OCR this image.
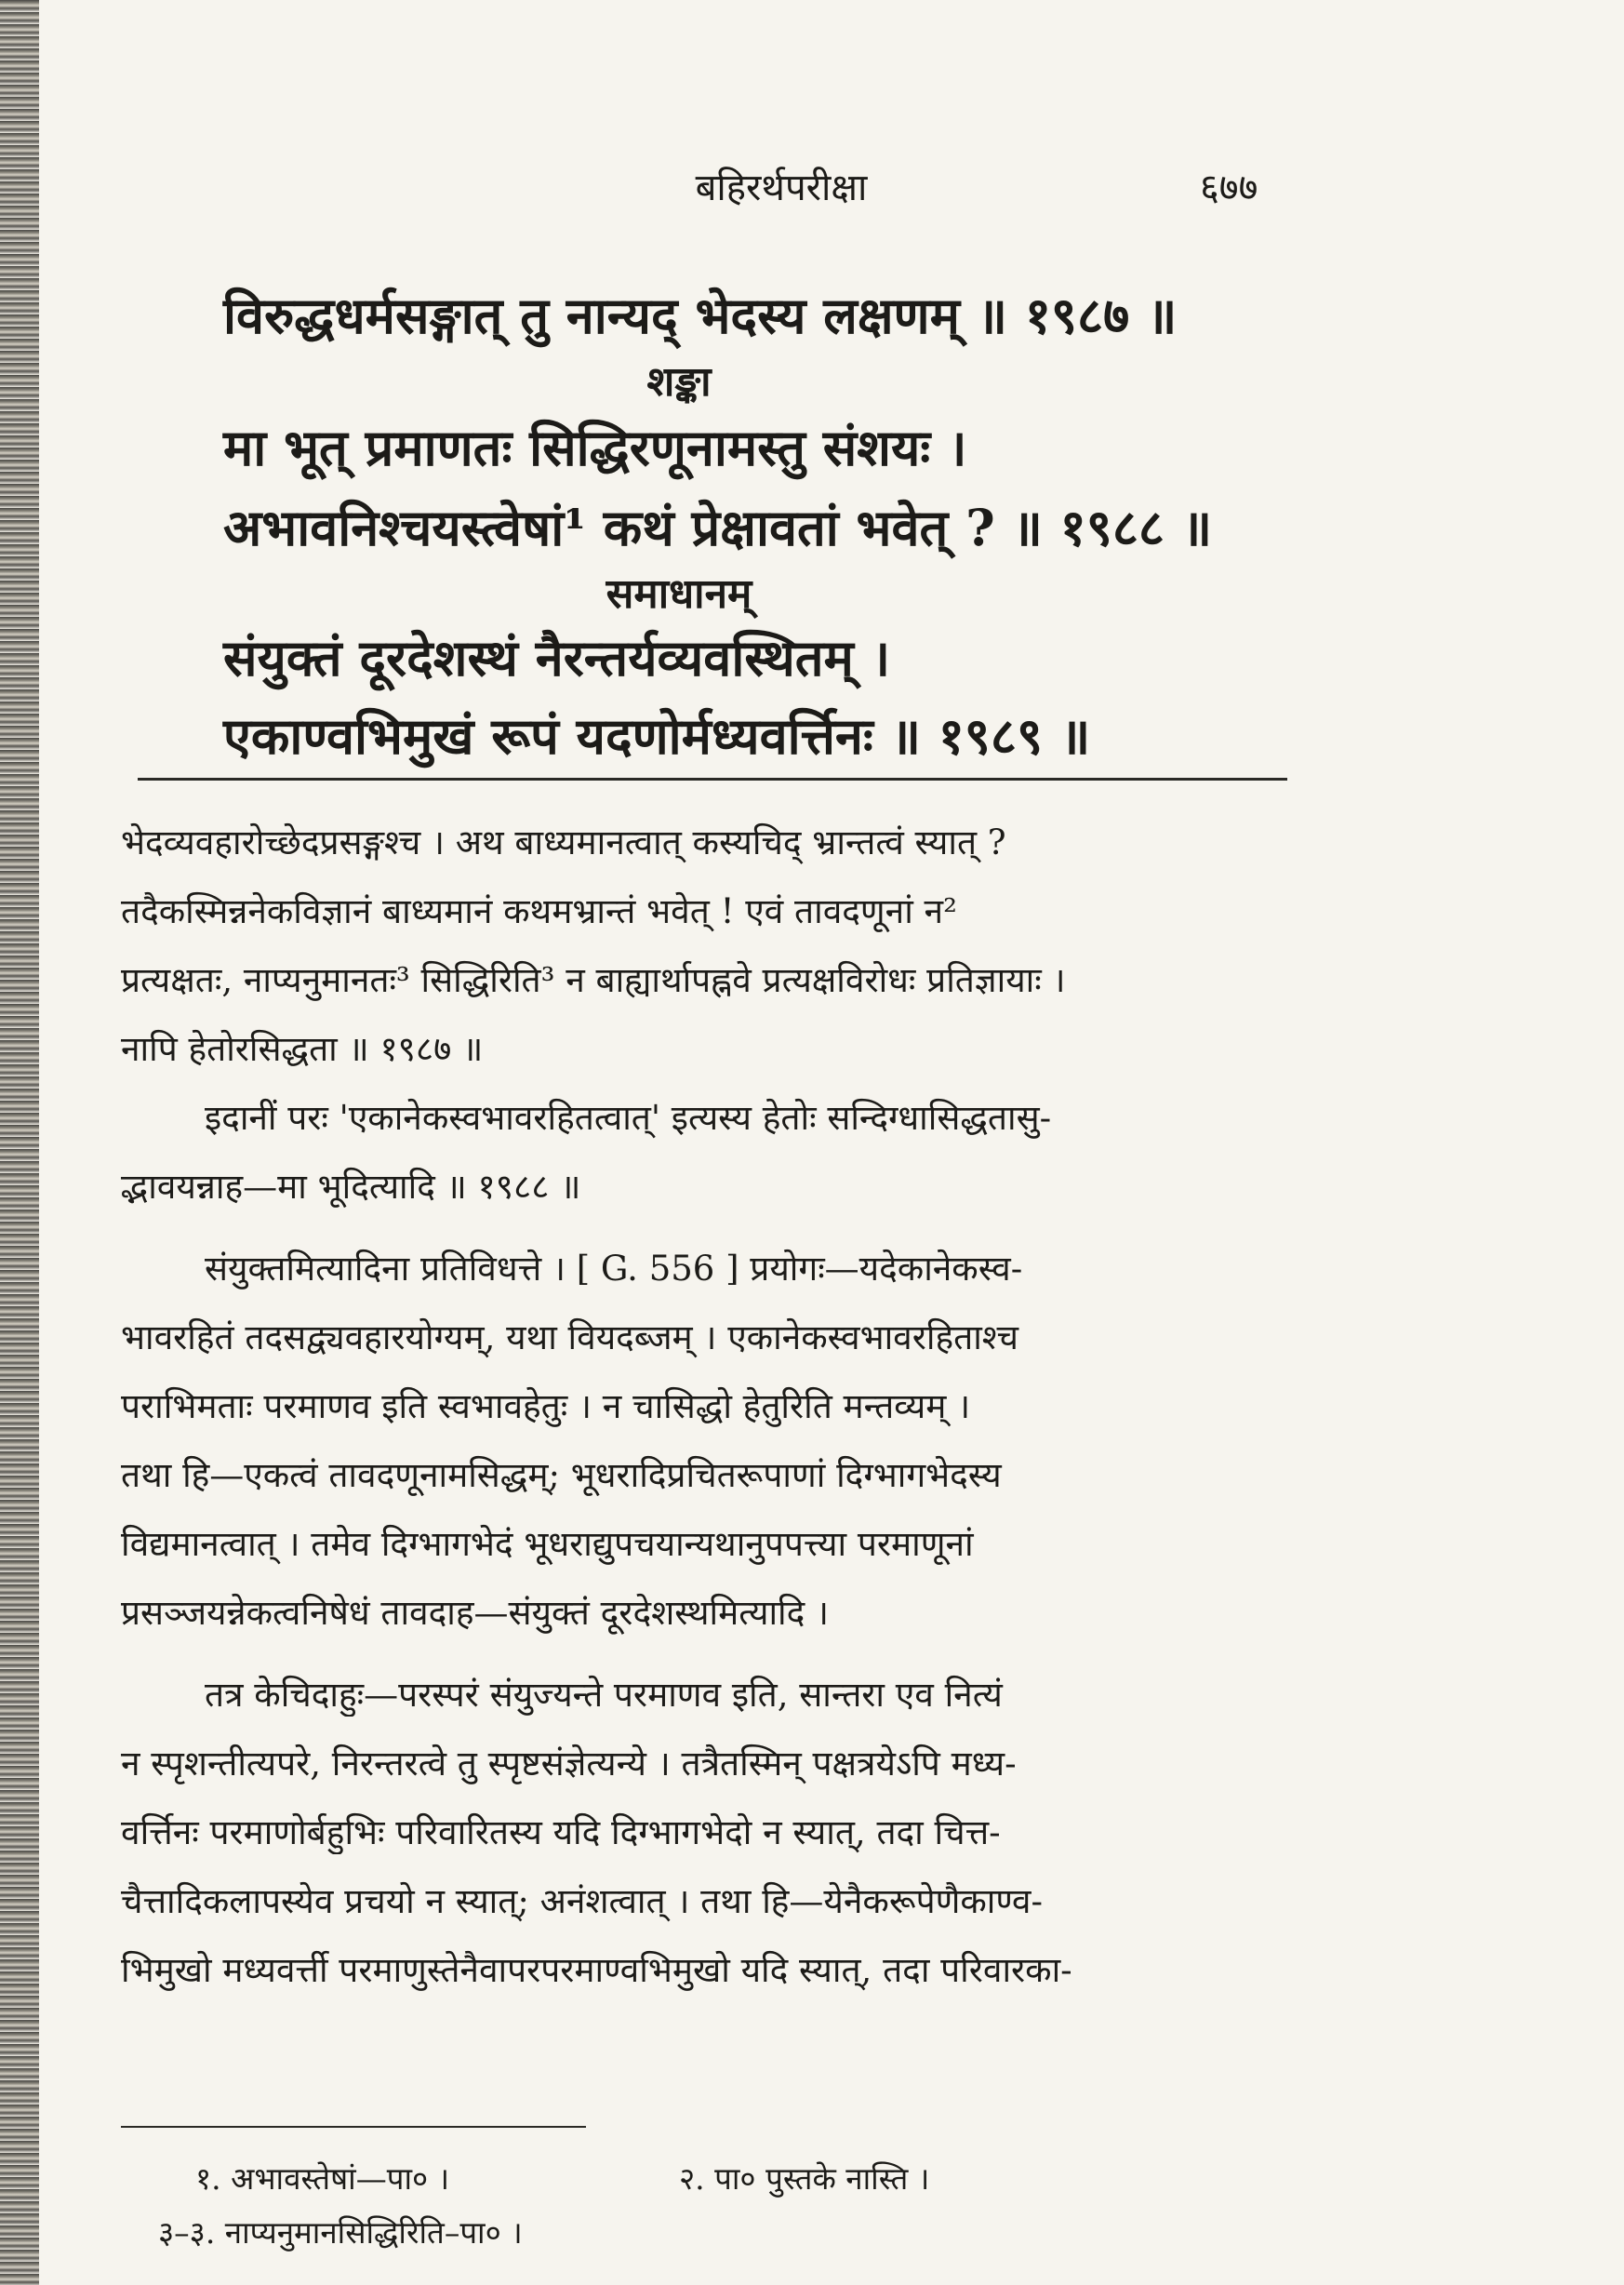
बहिरर्थपरीक्षा	६७७
विरुद्धधर्मसङ्गात् तु नान्यद् भेदस्य लक्षणम् ॥ १९८७ ॥
शङ्का
मा भूत् प्रमाणतः सिद्धिरणूनामस्तु संशयः ।
अभावनिश्चयस्त्वेषां¹ कथं प्रेक्षावतां भवेत् ? ॥ १९८८ ॥
समाधानम्
संयुक्तं दूरदेशस्थं नैरन्तर्यव्यवस्थितम् ।
एकाण्वभिमुखं रूपं यदणोर्मध्यवर्त्तिनः ॥ १९८९ ॥
भेदव्यवहारोच्छेदप्रसङ्गश्च । अथ बाध्यमानत्वात् कस्यचिद् भ्रान्तत्वं स्यात् ?
तदैकस्मिन्ननेकविज्ञानं बाध्यमानं कथमभ्रान्तं भवेत् ! एवं तावदणूनां न²
प्रत्यक्षतः, नाप्यनुमानतः³ सिद्धिरिति³ न बाह्यार्थापह्नवे प्रत्यक्षविरोधः प्रतिज्ञायाः ।
नापि हेतोरसिद्धता ॥ १९८७ ॥
इदानीं परः 'एकानेकस्वभावरहितत्वात्' इत्यस्य हेतोः सन्दिग्धासिद्धतासु-
द्भावयन्नाह—मा भूदित्यादि ॥ १९८८ ॥
संयुक्तमित्यादिना प्रतिविधत्ते । [ G. 556 ] प्रयोगः—यदेकानेकस्व-
भावरहितं तदसद्व्यवहारयोग्यम्, यथा वियदब्जम् । एकानेकस्वभावरहिताश्च
पराभिमताः परमाणव इति स्वभावहेतुः । न चासिद्धो हेतुरिति मन्तव्यम् ।
तथा हि—एकत्वं तावदणूनामसिद्धम्; भूधरादिप्रचितरूपाणां दिग्भागभेदस्य
विद्यमानत्वात् । तमेव दिग्भागभेदं भूधराद्युपचयान्यथानुपपत्त्या परमाणूनां
प्रसञ्जयन्नेकत्वनिषेधं तावदाह—संयुक्तं दूरदेशस्थमित्यादि ।
तत्र केचिदाहुः—परस्परं संयुज्यन्ते परमाणव इति, सान्तरा एव नित्यं
न स्पृशन्तीत्यपरे, निरन्तरत्वे तु स्पृष्टसंज्ञेत्यन्ये । तत्रैतस्मिन् पक्षत्रयेऽपि मध्य-
वर्त्तिनः परमाणोर्बहुभिः परिवारितस्य यदि दिग्भागभेदो न स्यात्, तदा चित्त-
चैत्तादिकलापस्येव प्रचयो न स्यात्; अनंशत्वात् । तथा हि—येनैकरूपेणैकाण्व-
भिमुखो मध्यवर्त्ती परमाणुस्तेनैवापरपरमाण्वभिमुखो यदि स्यात्, तदा परिवारका-
१. अभावस्तेषां—पा० ।	२. पा० पुस्तके नास्ति ।
३–३. नाप्यनुमानसिद्धिरिति–पा० ।
